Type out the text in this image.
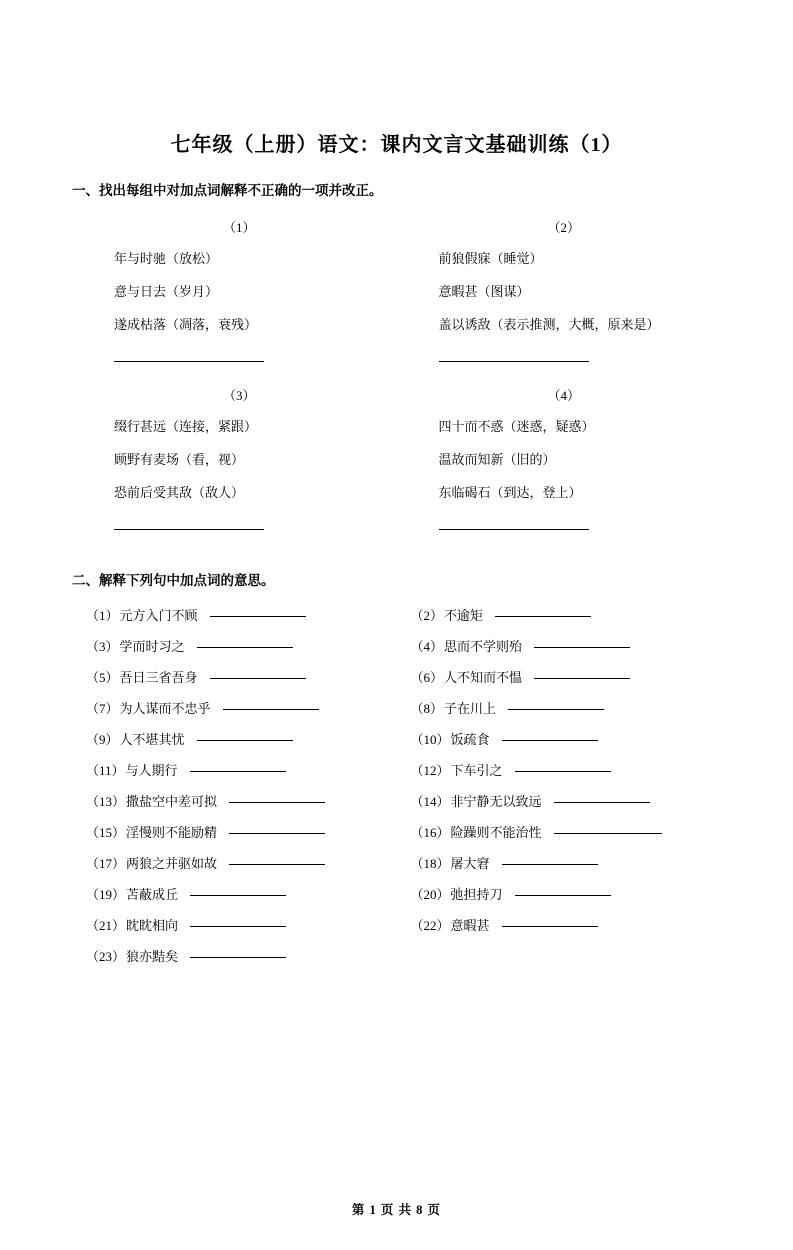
七年级（上册）语文：课内文言文基础训练（1）
一、找出每组中对加点词解释不正确的一项并改正。
（1）
年与时驰（放松）
意与日去（岁月）
遂成枯落（凋落，衰残）
（2）
前狼假寐（睡觉）
意暇甚（图谋）
盖以诱敌（表示推测，大概，原来是）
（3）
缀行甚远（连接，紧跟）
顾野有麦场（看，视）
恐前后受其敌（敌人）
（4）
四十而不惑（迷惑，疑惑）
温故而知新（旧的）
东临碣石（到达，登上）
二、解释下列句中加点词的意思。
（1）元方入门不顾	（2）不逾矩
（3）学而时习之	（4）思而不学则殆
（5）吾日三省吾身	（6）人不知而不愠
（7）为人谋而不忠乎	（8）子在川上
（9）人不堪其忧	（10）饭疏食
（11）与人期行	（12）下车引之
（13）撒盐空中差可拟	（14）非宁静无以致远
（15）淫慢则不能励精	（16）险躁则不能治性
（17）两狼之并驱如故	（18）屠大窘
（19）苫蔽成丘	（20）弛担持刀
（21）眈眈相向	（22）意暇甚
（23）狼亦黠矣
第 1 页 共 8 页
